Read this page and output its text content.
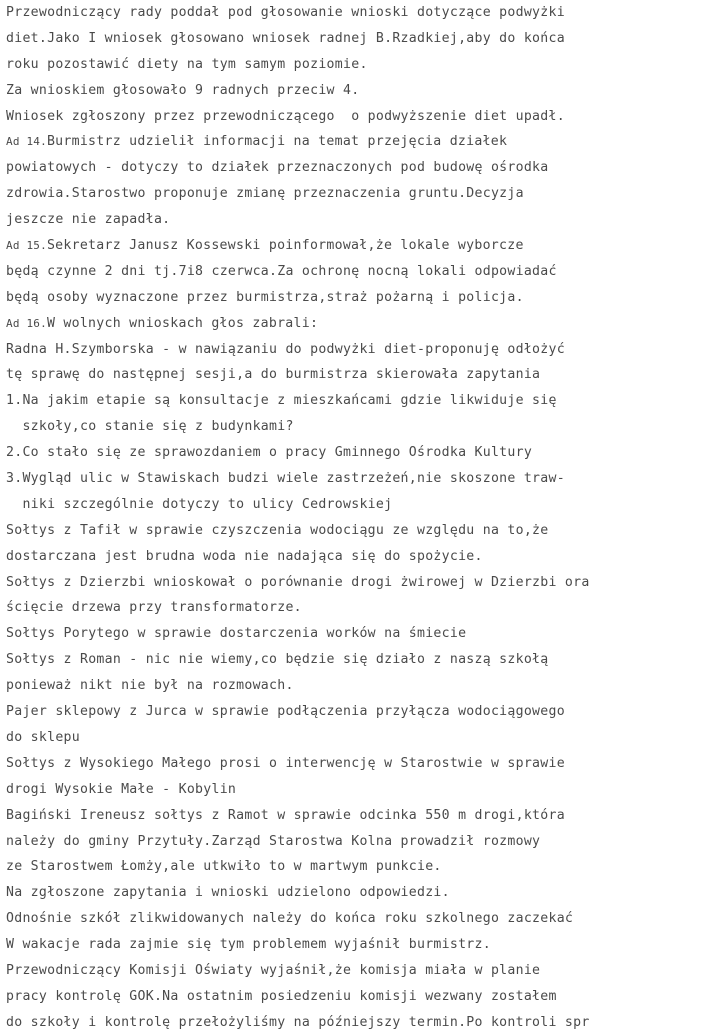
Przewodniczący rady poddał pod głosowanie wnioski dotyczące podwyżki
diet.Jako I wniosek głosowano wniosek radnej B.Rzadkiej,aby do końca
roku pozostawić diety na tym samym poziomie.
Za wnioskiem głosowało 9 radnych przeciw 4.
Wniosek zgłoszony przez przewodniczącego  o podwyższenie diet upadł.
Ad 14.Burmistrz udzielił informacji na temat przejęcia działek
powiatowych - dotyczy to działek przeznaczonych pod budowę ośrodka
zdrowia.Starostwo proponuje zmianę przeznaczenia gruntu.Decyzja
jeszcze nie zapadła.
Ad 15.Sekretarz Janusz Kossewski poinformował,że lokale wyborcze
będą czynne 2 dni tj.7i8 czerwca.Za ochronę nocną lokali odpowiadać
będą osoby wyznaczone przez burmistrza,straż pożarną i policja.
Ad 16.W wolnych wnioskach głos zabrali:
Radna H.Szymborska - w nawiązaniu do podwyżki diet-proponuję odłożyć
tę sprawę do następnej sesji,a do burmistrza skierowała zapytania
1.Na jakim etapie są konsultacje z mieszkańcami gdzie likwiduje się
szkoły,co stanie się z budynkami?
2.Co stało się ze sprawozdaniem o pracy Gminnego Ośrodka Kultury
3.Wygląd ulic w Stawiskach budzi wiele zastrzeżeń,nie skoszone traw-
niki szczególnie dotyczy to ulicy Cedrowskiej
Sołtys z Tafił w sprawie czyszczenia wodociągu ze względu na to,że
dostarczana jest brudna woda nie nadająca się do spożycie.
Sołtys z Dzierzbi wnioskował o porównanie drogi żwirowej w Dzierzbi ora
ścięcie drzewa przy transformatorze.
Sołtys Porytego w sprawie dostarczenia worków na śmiecie
Sołtys z Roman - nic nie wiemy,co będzie się działo z naszą szkołą
ponieważ nikt nie był na rozmowach.
Pajer sklepowy z Jurca w sprawie podłączenia przyłącza wodociągowego
do sklepu
Sołtys z Wysokiego Małego prosi o interwencję w Starostwie w sprawie
drogi Wysokie Małe - Kobylin
Bagiński Ireneusz sołtys z Ramot w sprawie odcinka 550 m drogi,która
należy do gminy Przytuły.Zarząd Starostwa Kolna prowadził rozmowy
ze Starostwem Łomży,ale utkwiło to w martwym punkcie.
Na zgłoszone zapytania i wnioski udzielono odpowiedzi.
Odnośnie szkół zlikwidowanych należy do końca roku szkolnego zaczekać
W wakacje rada zajmie się tym problemem wyjaśnił burmistrz.
Przewodniczący Komisji Oświaty wyjaśnił,że komisja miała w planie
pracy kontrolę GOK.Na ostatnim posiedzeniu komisji wezwany zostałem
do szkoły i kontrolę przełożyliśmy na późniejszy termin.Po kontroli spr
